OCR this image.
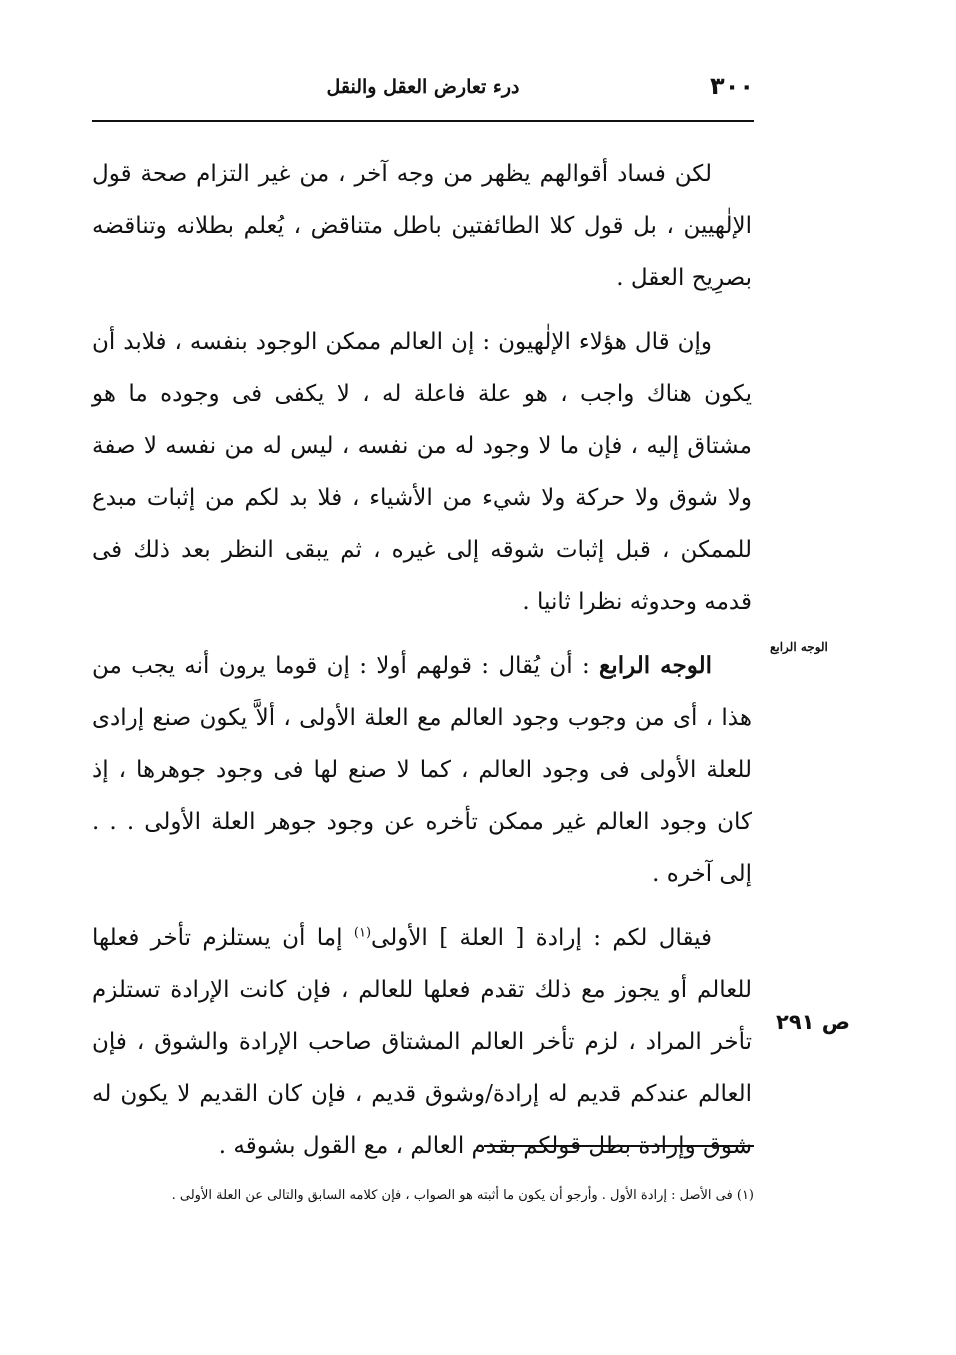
٣٠٠
درء تعارض العقل والنقل

لكن فساد أقوالهم يظهر من وجه آخر ، من غير التزام صحة قول الإلٰهيين ، بل قول كلا الطائفتين باطل متناقض ، يُعلم بطلانه وتناقضه بصرِيح العقل .

وإن قال هؤلاء الإلٰهيون : إن العالم ممكن الوجود بنفسه ، فلابد أن يكون هناك واجب ، هو علة فاعلة له ، لا يكفى فى وجوده ما هو مشتاق إليه ، فإن ما لا وجود له من نفسه ، ليس له من نفسه لا صفة ولا شوق ولا حركة ولا شيء من الأشياء ، فلا بد لكم من إثبات مبدع للممكن ، قبل إثبات شوقه إلى غيره ، ثم يبقى النظر بعد ذلك فى قدمه وحدوثه نظرا ثانيا .

الوجه الرابع : أن يُقال : قولهم أولا : إن قوما يرون أنه يجب من هذا ، أى من وجوب وجود العالم مع العلة الأولى ، ألاَّ يكون صنع إرادى للعلة الأولى فى وجود العالم ، كما لا صنع لها فى وجود جوهرها ، إذ كان وجود العالم غير ممكن تأخره عن وجود جوهر العلة الأولى . . . إلى آخره .

فيقال لكم : إرادة [ العلة ] الأولى$^{(١)}$ إما أن يستلزم تأخر فعلها للعالم أو يجوز مع ذلك تقدم فعلها للعالم ، فإن كانت الإرادة تستلزم تأخر المراد ، لزم تأخر العالم المشتاق صاحب الإرادة والشوق ، فإن العالم عندكم قديم له إرادة/وشوق قديم ، فإن كان القديم لا يكون له شوق وإرادة بطل قولكم بقدم العالم ، مع القول بشوقه .

الوجه الرابع
ص ٢٩١
(١) فى الأصل : إرادة الأول . وأرجو أن يكون ما أثبته هو الصواب ، فإن كلامه السابق والتالى عن العلة الأولى .
